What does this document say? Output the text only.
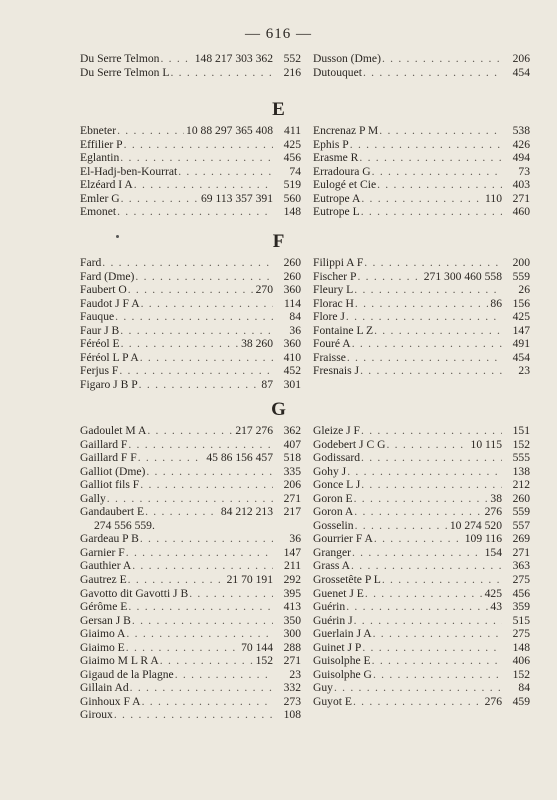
— 616 —
Du Serre Telmon . . .	148 217 303 362 552
Du Serre Telmon L . . .	216
Dusson (Dme) . . .	206
Dutouquet . . .	454
E
Ebneter . . .	10 88 297 365 408 411
Effilier P . . .	425
Eglantin . . .	456
El-Hadj-ben-Kourrat . . .	74
Elzéard I A . . .	519
Emler G . . .	69 113 357 391 560
Emonet . . .	148
Encrenaz P M . . .	538
Ephis P . . .	426
Erasme R . . .	494
Erradoura G . . .	73
Eulogé et Cie . . .	403
Eutrope A . . .	110 271
Eutrope L . . .	460
F
Fard . . .	260
Fard (Dme) . . .	260
Faubert O . . .	270 360
Faudot J F A . . .	114
Fauque . . .	84
Faur J B . . .	36
Féréol E . . .	38 260 360
Féréol L P A . . .	410
Ferjus F . . .	452
Figaro J B P . . .	87 301
Filippi A F . . .	200
Fischer P . . .	271 300 460 558 559
Fleury L . . .	26
Florac H . . .	86 156
Flore J . . .	425
Fontaine L Z . . .	147
Fouré A . . .	491
Fraisse . . .	454
Fresnais J . . .	23
G
Gadoulet M A . . .	217 276 362
Gaillard F . . .	407
Gaillard F F . . .	45 86 156 457 518
Galliot (Dme) . . .	335
Galliot fils F . . .	206
Gally . . .	271
Gandaubert E . . .	84 212 213 217
274 556 559.
Gardeau P B . . .	36
Garnier F . . .	147
Gauthier A . . .	211
Gautrez E . . .	21 70 191 292
Gavotto dit Gavotti J B . . .	395
Gérôme E . . .	413
Gersan J B . . .	350
Giaimo A . . .	300
Giaimo E . . .	70 144 288
Giaimo M L R A . . .	152 271
Gigaud de la Plagne . . .	23
Gillain Ad . . .	332
Ginhoux F A . . .	273
Giroux . . .	108
Gleize J F . . .	151
Godebert J C G . . .	10 115 152
Godissard . . .	555
Gohy J . . .	138
Gonce L J . . .	212
Goron E . . .	38 260
Goron A . . .	276 559
Gosselin . . .	10 274 520 557
Gourrier F A . . .	109 116 269
Granger . . .	154 271
Grass A . . .	363
Grossetête P L . . .	275
Guenet J E . . .	425 456
Guérin . . .	43 359
Guérin J . . .	515
Guerlain J A . . .	275
Guinet J P . . .	148
Guisolphe E . . .	406
Guisolphe G . . .	152
Guy . . .	84
Guyot E . . .	276 459
